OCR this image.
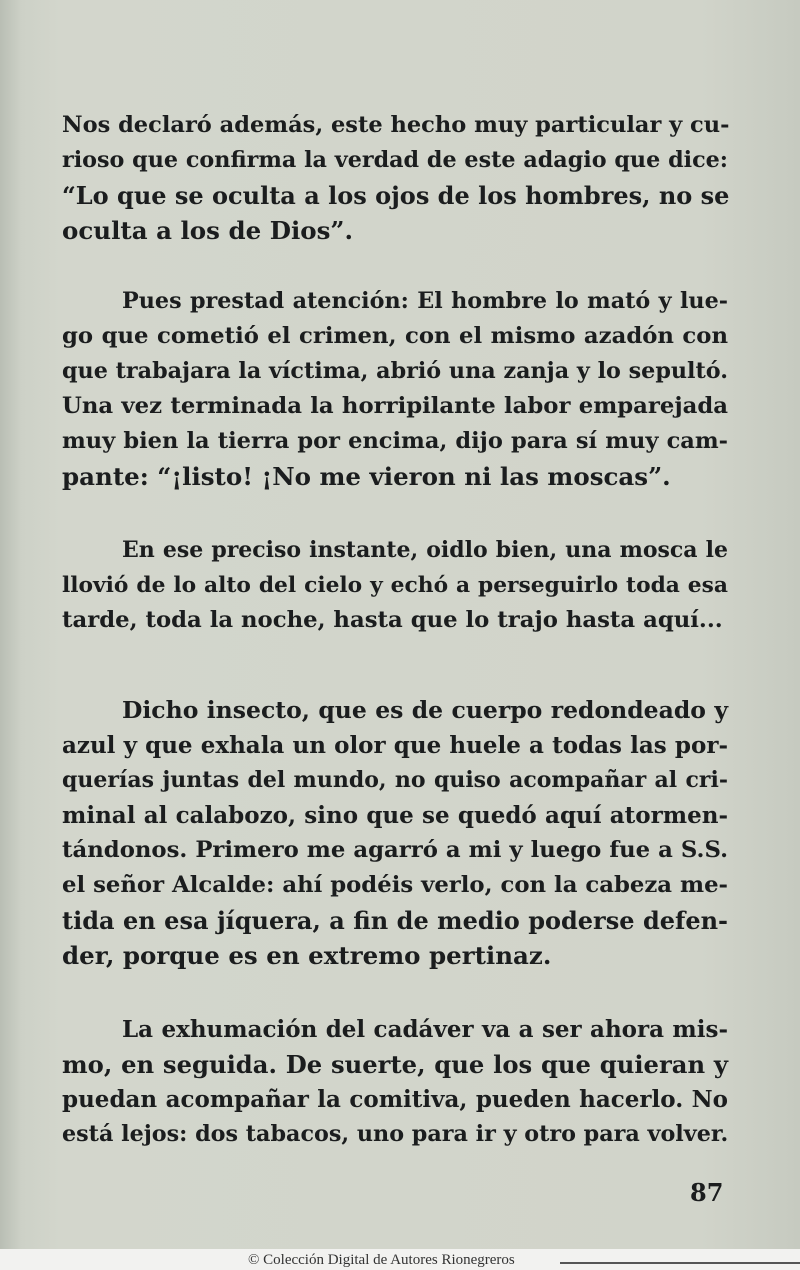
Nos declaró además, este hecho muy particular y cu-
rioso que confirma la verdad de este adagio que dice:
“Lo que se oculta a los ojos de los hombres, no se
oculta a los de Dios”.
Pues prestad atención: El hombre lo mató y lue-
go que cometió el crimen, con el mismo azadón con
que trabajara la víctima, abrió una zanja y lo sepultó.
Una vez terminada la horripilante labor emparejada
muy bien la tierra por encima, dijo para sí muy cam-
pante: “¡listo! ¡No me vieron ni las moscas”.
En ese preciso instante, oidlo bien, una mosca le
llovió de lo alto del cielo y echó a perseguirlo toda esa
tarde, toda la noche, hasta que lo trajo hasta aquí...
Dicho insecto, que es de cuerpo redondeado y
azul y que exhala un olor que huele a todas las por-
querías juntas del mundo, no quiso acompañar al cri-
minal al calabozo, sino que se quedó aquí atormen-
tándonos. Primero me agarró a mi y luego fue a S.S.
el señor Alcalde: ahí podéis verlo, con la cabeza me-
tida en esa jíquera, a fin de medio poderse defen-
der, porque es en extremo pertinaz.
La exhumación del cadáver va a ser ahora mis-
mo, en seguida. De suerte, que los que quieran y
puedan acompañar la comitiva, pueden hacerlo. No
está lejos: dos tabacos, uno para ir y otro para volver.
87
© Colección Digital de Autores Rionegreros
